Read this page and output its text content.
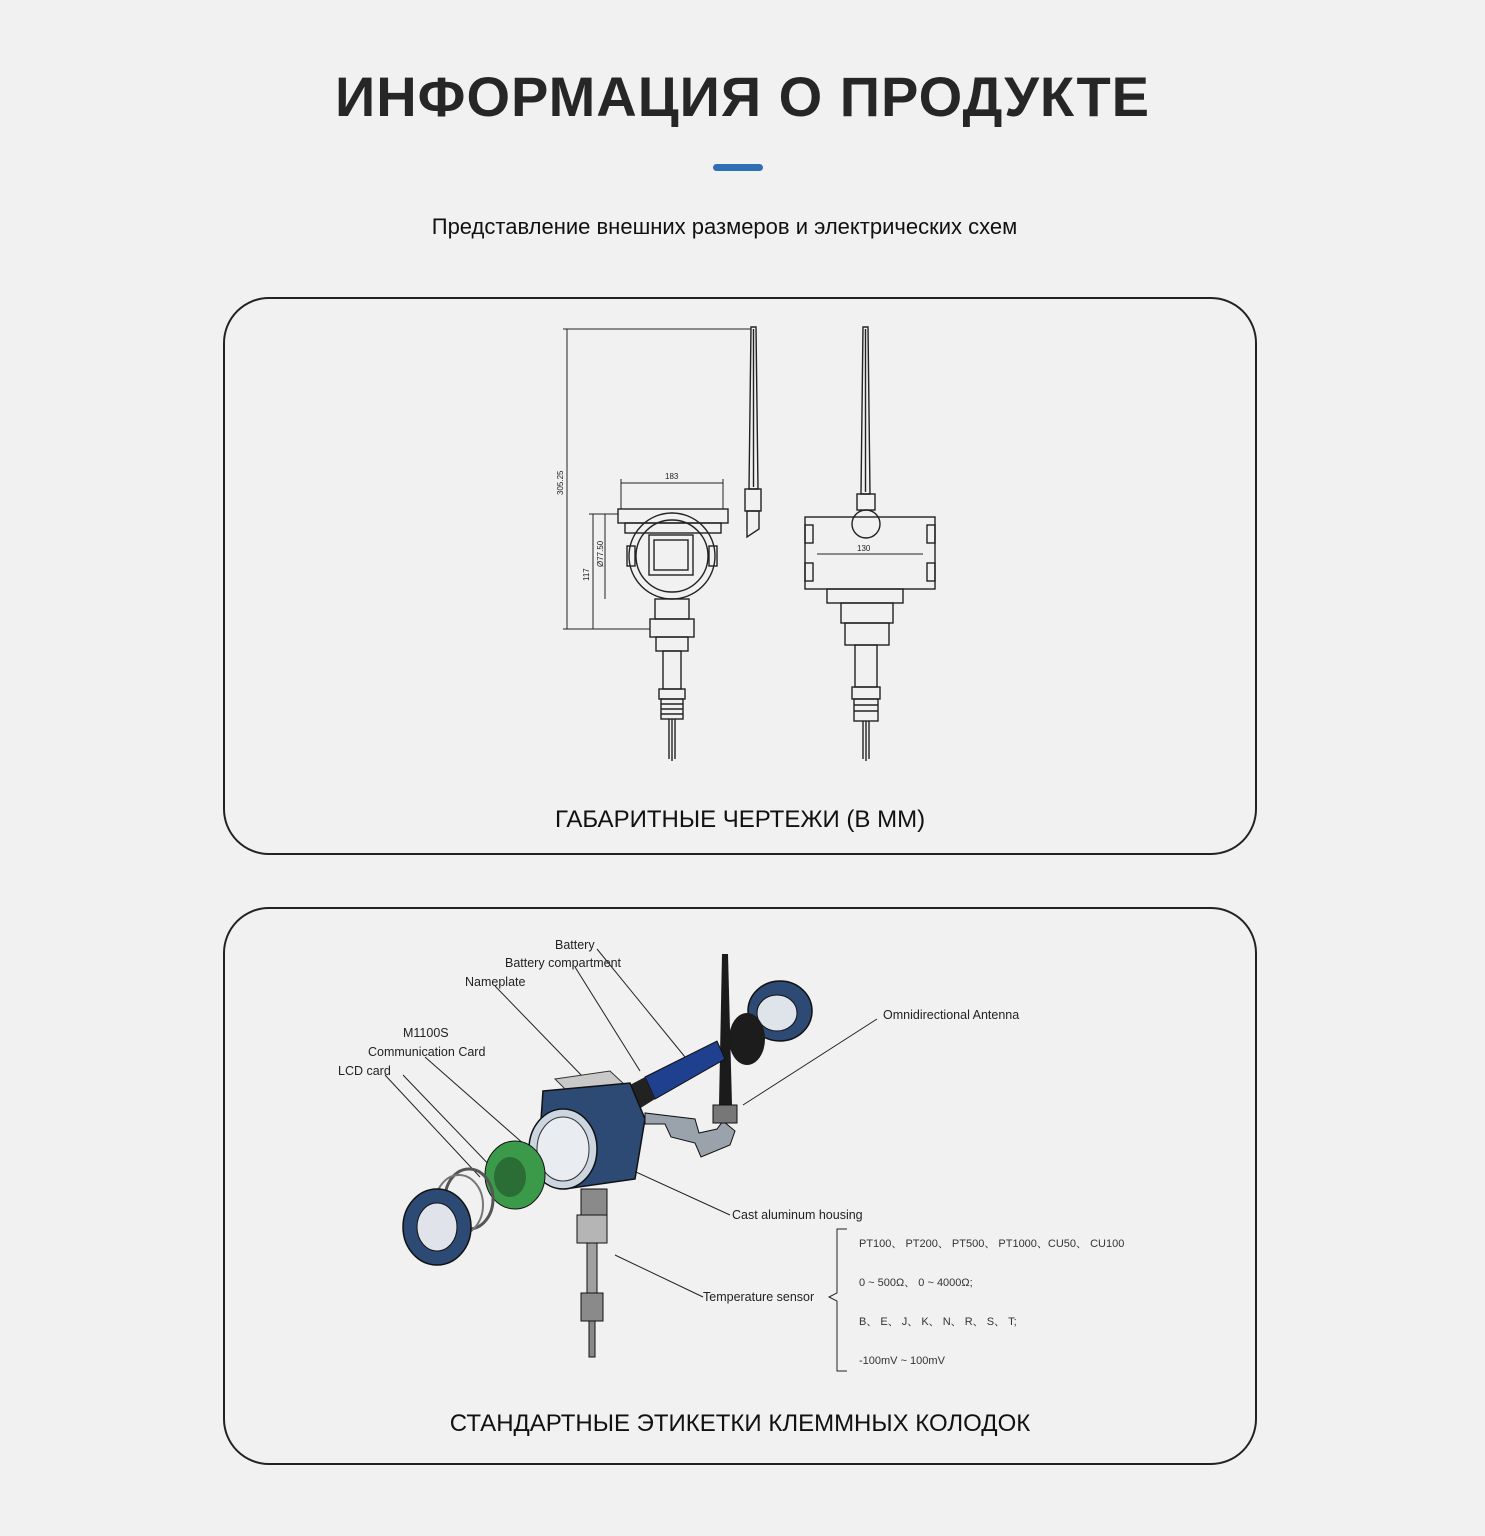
ИНФОРМАЦИЯ О ПРОДУКТЕ
Представление внешних размеров и электрических схем
305.25
117
Ø77.50
183
130
ГАБАРИТНЫЕ ЧЕРТЕЖИ (В ММ)
Battery
Battery compartment
Nameplate
M1100S
Communication Card
LCD card
Omnidirectional Antenna
Cast aluminum housing
Temperature sensor
PT100、 PT200、 PT500、 PT1000、CU50、 CU100
0 ~ 500Ω、 0 ~ 4000Ω;
B、 E、 J、 K、 N、 R、 S、 T;
-100mV ~ 100mV
СТАНДАРТНЫЕ ЭТИКЕТКИ КЛЕММНЫХ КОЛОДОК
